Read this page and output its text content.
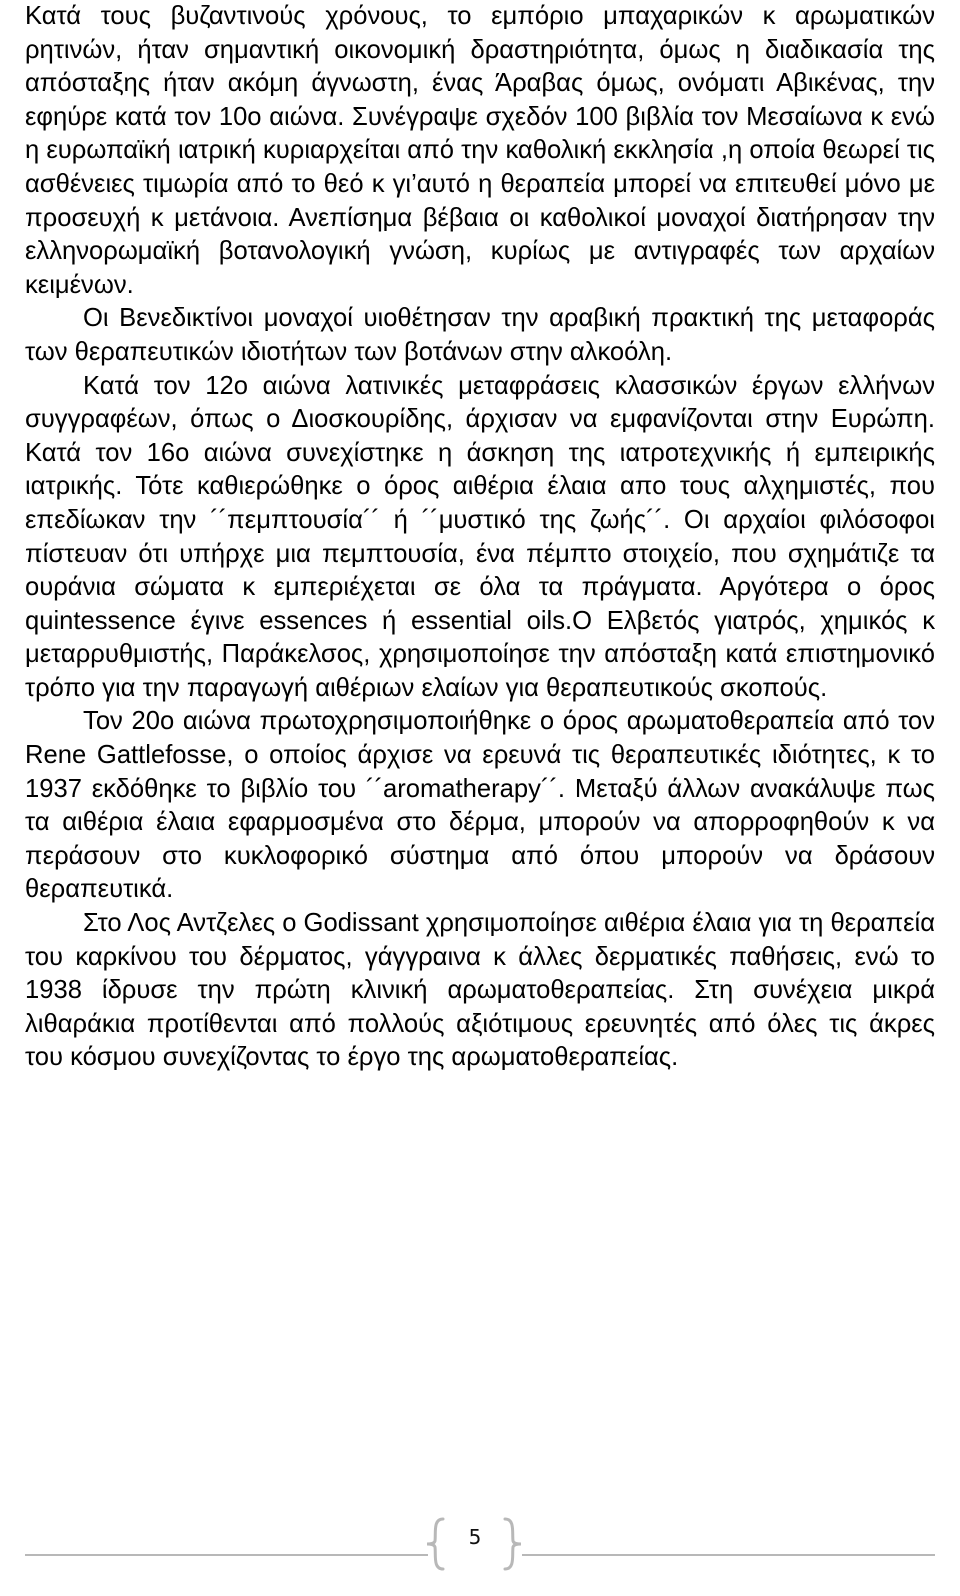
Κατά τους βυζαντινούς χρόνους, το εμπόριο μπαχαρικών κ αρωματικών ρητινών, ήταν σημαντική οικονομική δραστηριότητα, όμως η διαδικασία της απόσταξης ήταν ακόμη άγνωστη, ένας Άραβας όμως, ονόματι Αβικένας, την εφηύρε κατά τον 10ο αιώνα. Συνέγραψε σχεδόν 100 βιβλία τον Μεσαίωνα κ ενώ η ευρωπαϊκή ιατρική κυριαρχείται από την καθολική εκκλησία ,η οποία θεωρεί τις ασθένειες τιμωρία από το θεό κ γι’αυτό η θεραπεία μπορεί να επιτευθεί μόνο με προσευχή κ μετάνοια. Ανεπίσημα βέβαια οι καθολικοί μοναχοί διατήρησαν την ελληνορωμαϊκή βοτανολογική γνώση, κυρίως με αντιγραφές των αρχαίων κειμένων.

Οι Βενεδικτίνοι μοναχοί υιοθέτησαν την αραβική πρακτική της μεταφοράς των θεραπευτικών ιδιοτήτων των βοτάνων στην αλκοόλη.

Κατά τον 12ο αιώνα λατινικές μεταφράσεις κλασσικών έργων ελλήνων συγγραφέων, όπως ο Διοσκουρίδης, άρχισαν να εμφανίζονται στην Ευρώπη. Κατά τον 16ο αιώνα συνεχίστηκε η άσκηση της ιατροτεχνικής ή εμπειρικής ιατρικής. Τότε καθιερώθηκε ο όρος αιθέρια έλαια απο τους αλχημιστές, που επεδίωκαν την ´´πεμπτουσία´´ ή ´´μυστικό της ζωής´´. Οι αρχαίοι φιλόσοφοι πίστευαν ότι υπήρχε μια πεμπτουσία, ένα πέμπτο στοιχείο, που σχημάτιζε τα ουράνια σώματα κ εμπεριέχεται σε όλα τα πράγματα. Αργότερα ο όρος quintessence έγινε essences ή essential oils.Ο Ελβετός γιατρός, χημικός κ μεταρρυθμιστής, Παράκελσος, χρησιμοποίησε την απόσταξη κατά επιστημονικό τρόπο για την παραγωγή αιθέριων ελαίων για θεραπευτικούς σκοπούς.

Τον 20ο αιώνα πρωτοχρησιμοποιήθηκε ο όρος αρωματοθεραπεία από τον Rene Gattlefosse, ο οποίος άρχισε να ερευνά τις θεραπευτικές ιδιότητες, κ το 1937 εκδόθηκε το βιβλίο του ´´aromatherapy´´. Μεταξύ άλλων ανακάλυψε πως τα αιθέρια έλαια εφαρμοσμένα στο δέρμα, μπορούν να απορροφηθούν κ να περάσουν στο κυκλοφορικό σύστημα από όπου μπορούν να δράσουν θεραπευτικά.

Στο Λος Αντζελες ο Godissant χρησιμοποίησε αιθέρια έλαια για τη θεραπεία του καρκίνου του δέρματος, γάγγραινα κ άλλες δερματικές παθήσεις, ενώ το 1938 ίδρυσε την πρώτη κλινική αρωματοθεραπείας. Στη συνέχεια μικρά λιθαράκια προτίθενται από πολλούς αξιότιμους ερευνητές από όλες τις άκρες του κόσμου συνεχίζοντας το έργο της αρωματοθεραπείας.

5
